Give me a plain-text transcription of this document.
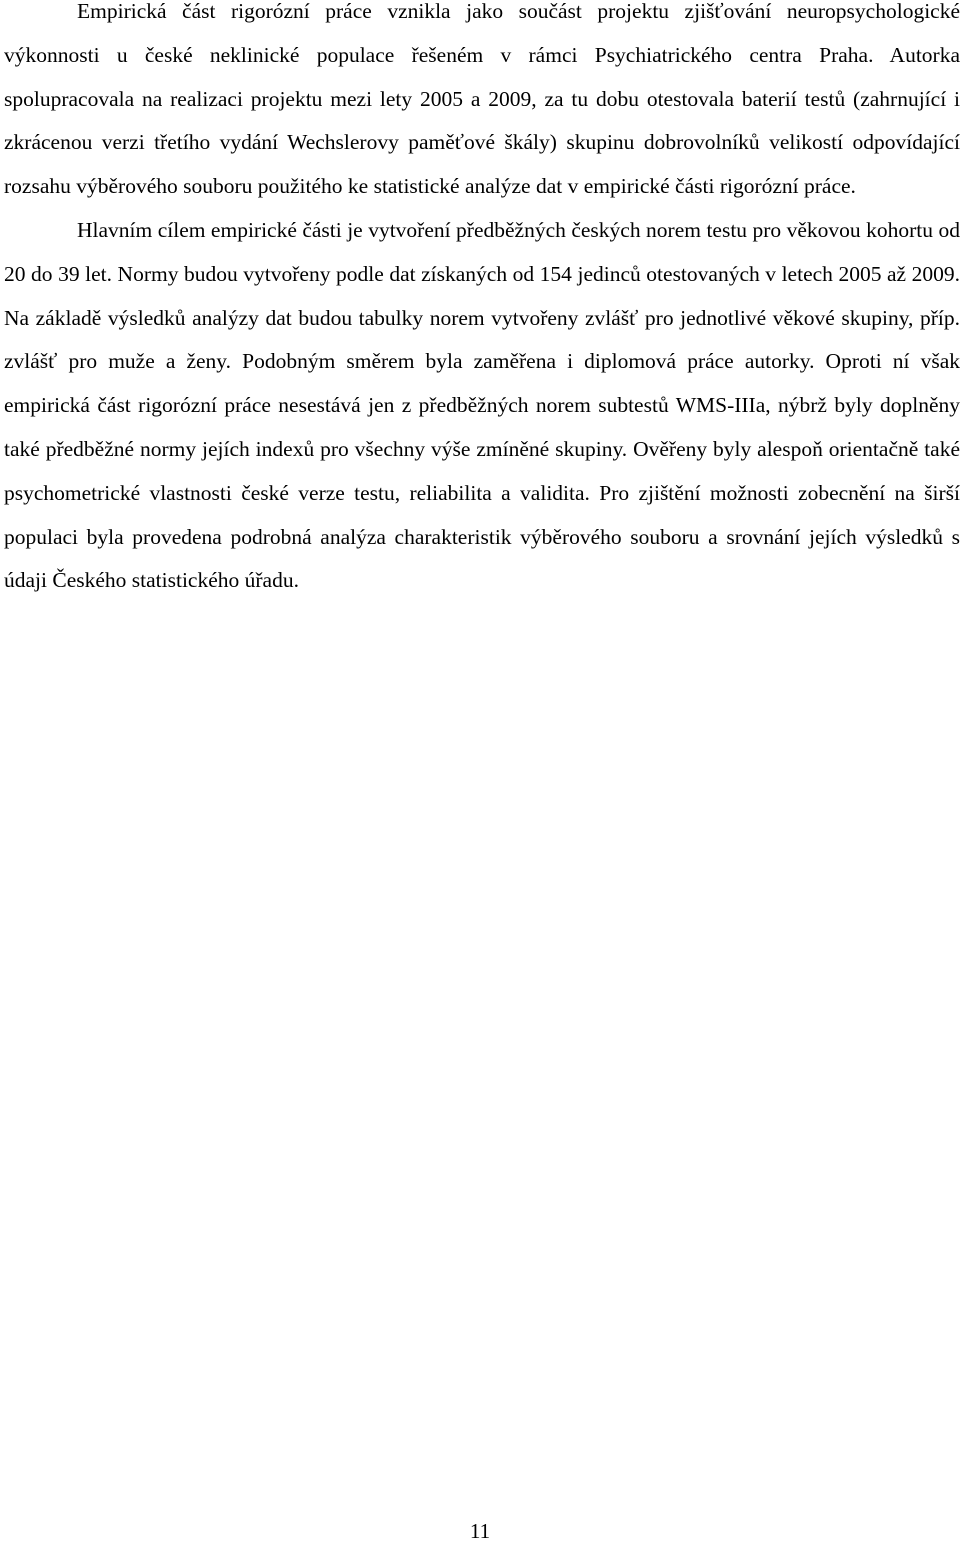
Empirická část rigorózní práce vznikla jako součást projektu zjišťování neuropsychologické výkonnosti u české neklinické populace řešeném v rámci Psychiatrického centra Praha. Autorka spolupracovala na realizaci projektu mezi lety 2005 a 2009, za tu dobu otestovala baterií testů (zahrnující i zkrácenou verzi třetího vydání Wechslerovy paměťové škály) skupinu dobrovolníků velikostí odpovídající rozsahu výběrového souboru použitého ke statistické analýze dat v empirické části rigorózní práce.

Hlavním cílem empirické části je vytvoření předběžných českých norem testu pro věkovou kohortu od 20 do 39 let. Normy budou vytvořeny podle dat získaných od 154 jedinců otestovaných v letech 2005 až 2009. Na základě výsledků analýzy dat budou tabulky norem vytvořeny zvlášť pro jednotlivé věkové skupiny, příp. zvlášť pro muže a ženy. Podobným směrem byla zaměřena i diplomová práce autorky. Oproti ní však empirická část rigorózní práce nesestává jen z předběžných norem subtestů WMS-IIIa, nýbrž byly doplněny také předběžné normy jejích indexů pro všechny výše zmíněné skupiny. Ověřeny byly alespoň orientačně také psychometrické vlastnosti české verze testu, reliabilita a validita. Pro zjištění možnosti zobecnění na širší populaci byla provedena podrobná analýza charakteristik výběrového souboru a srovnání jejích výsledků s údaji Českého statistického úřadu.

11
